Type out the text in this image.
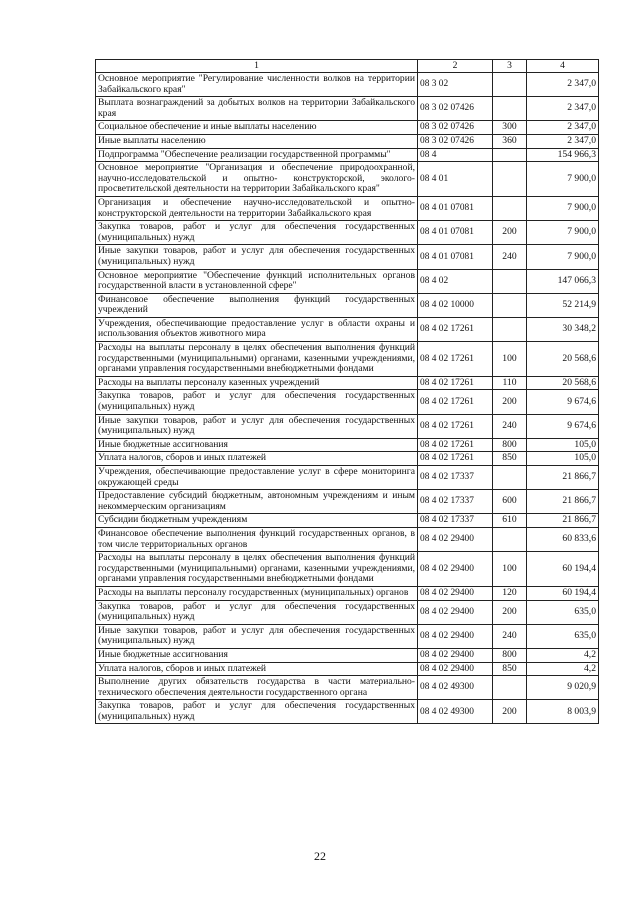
1	2	3	4
Основное мероприятие "Регулирование численности волков на территории Забайкальского края"	08 3 02		2 347,0
Выплата вознаграждений за добытых волков на территории Забайкальского края	08 3 02 07426		2 347,0
Социальное обеспечение и иные выплаты населению	08 3 02 07426	300	2 347,0
Иные выплаты населению	08 3 02 07426	360	2 347,0
Подпрограмма "Обеспечение реализации государственной программы"	08 4		154 966,3
Основное мероприятие "Организация и обеспечение природоохранной, научно-исследовательской и опытно- конструкторской, эколого-просветительской деятельности на территории Забайкальского края"	08 4 01		7 900,0
Организация и обеспечение научно-исследовательской и опытно-конструкторской деятельности на территории Забайкальского края	08 4 01 07081		7 900,0
Закупка товаров, работ и услуг для обеспечения государственных (муниципальных) нужд	08 4 01 07081	200	7 900,0
Иные закупки товаров, работ и услуг для обеспечения государственных (муниципальных) нужд	08 4 01 07081	240	7 900,0
Основное мероприятие "Обеспечение функций исполнительных органов государственной власти в установленной сфере"	08 4 02		147 066,3
Финансовое обеспечение выполнения функций государственных учреждений	08 4 02 10000		52 214,9
Учреждения, обеспечивающие предоставление услуг в области охраны и использования объектов животного мира	08 4 02 17261		30 348,2
Расходы на выплаты персоналу в целях обеспечения выполнения функций государственными (муниципальными) органами, казенными учреждениями, органами управления государственными внебюджетными фондами	08 4 02 17261	100	20 568,6
Расходы на выплаты персоналу казенных учреждений	08 4 02 17261	110	20 568,6
Закупка товаров, работ и услуг для обеспечения государственных (муниципальных) нужд	08 4 02 17261	200	9 674,6
Иные закупки товаров, работ и услуг для обеспечения государственных (муниципальных) нужд	08 4 02 17261	240	9 674,6
Иные бюджетные ассигнования	08 4 02 17261	800	105,0
Уплата налогов, сборов и иных платежей	08 4 02 17261	850	105,0
Учреждения, обеспечивающие предоставление услуг в сфере мониторинга окружающей среды	08 4 02 17337		21 866,7
Предоставление субсидий бюджетным, автономным учреждениям и иным некоммерческим организациям	08 4 02 17337	600	21 866,7
Субсидии бюджетным учреждениям	08 4 02 17337	610	21 866,7
Финансовое обеспечение выполнения функций государственных органов, в том числе территориальных органов	08 4 02 29400		60 833,6
Расходы на выплаты персоналу в целях обеспечения выполнения функций государственными (муниципальными) органами, казенными учреждениями, органами управления государственными внебюджетными фондами	08 4 02 29400	100	60 194,4
Расходы на выплаты персоналу государственных (муниципальных) органов	08 4 02 29400	120	60 194,4
Закупка товаров, работ и услуг для обеспечения государственных (муниципальных) нужд	08 4 02 29400	200	635,0
Иные закупки товаров, работ и услуг для обеспечения государственных (муниципальных) нужд	08 4 02 29400	240	635,0
Иные бюджетные ассигнования	08 4 02 29400	800	4,2
Уплата налогов, сборов и иных платежей	08 4 02 29400	850	4,2
Выполнение других обязательств государства в части материально-технического обеспечения деятельности государственного органа	08 4 02 49300		9 020,9
Закупка товаров, работ и услуг для обеспечения государственных (муниципальных) нужд	08 4 02 49300	200	8 003,9
22
